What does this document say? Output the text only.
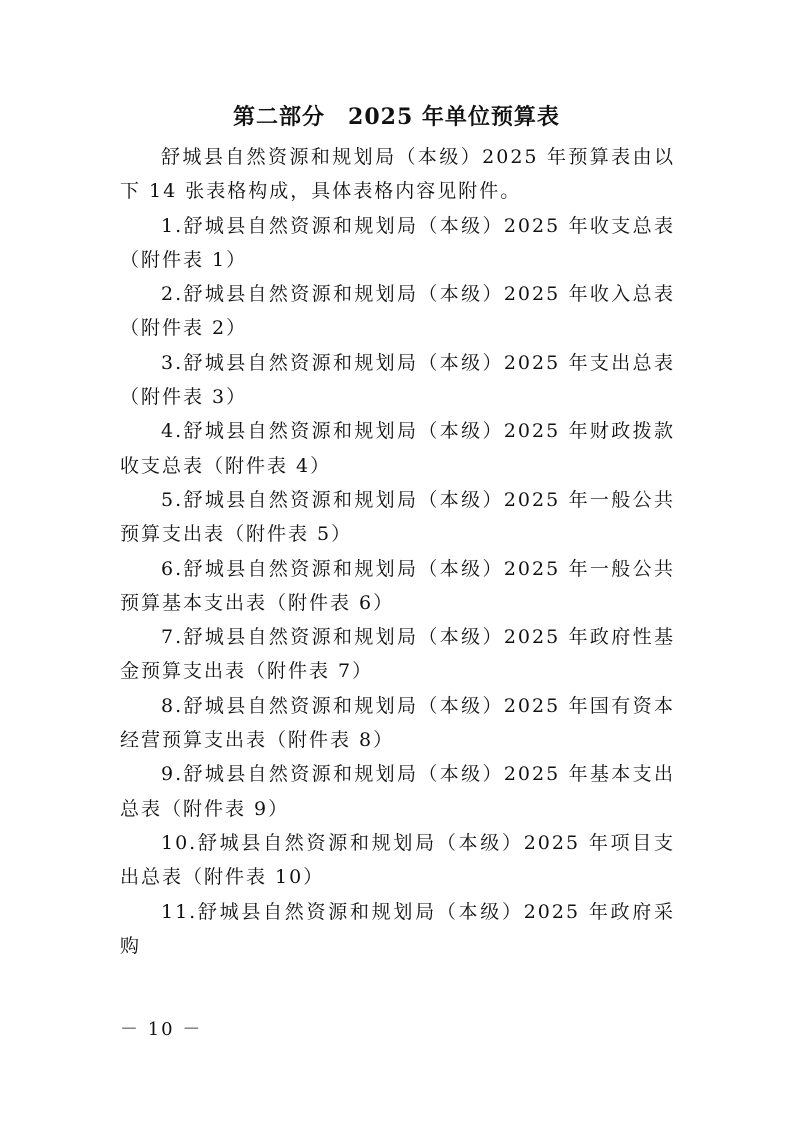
第二部分　2025 年单位预算表

舒城县自然资源和规划局（本级）2025 年预算表由以下 14 张表格构成，具体表格内容见附件。

1.舒城县自然资源和规划局（本级）2025 年收支总表（附件表 1）

2.舒城县自然资源和规划局（本级）2025 年收入总表（附件表 2）

3.舒城县自然资源和规划局（本级）2025 年支出总表（附件表 3）

4.舒城县自然资源和规划局（本级）2025 年财政拨款收支总表（附件表 4）

5.舒城县自然资源和规划局（本级）2025 年一般公共预算支出表（附件表 5）

6.舒城县自然资源和规划局（本级）2025 年一般公共预算基本支出表（附件表 6）

7.舒城县自然资源和规划局（本级）2025 年政府性基金预算支出表（附件表 7）

8.舒城县自然资源和规划局（本级）2025 年国有资本经营预算支出表（附件表 8）

9.舒城县自然资源和规划局（本级）2025 年基本支出总表（附件表 9）

10.舒城县自然资源和规划局（本级）2025 年项目支出总表（附件表 10）

11.舒城县自然资源和规划局（本级）2025 年政府采购

－ 10 －
